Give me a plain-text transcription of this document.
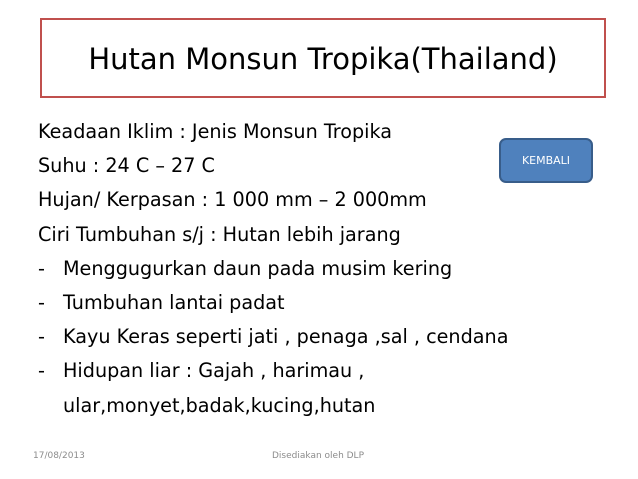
Hutan Monsun Tropika(Thailand)
Keadaan Iklim : Jenis Monsun Tropika
Suhu : 24 C – 27 C
Hujan/ Kerpasan : 1 000 mm – 2 000mm
Ciri Tumbuhan s/j : Hutan lebih jarang
- Menggugurkan daun pada musim kering
- Tumbuhan lantai padat
- Kayu Keras seperti jati , penaga ,sal , cendana
- Hidupan liar : Gajah , harimau , ular,monyet,badak,kucing,hutan
KEMBALI
17/08/2013	Disediakan oleh DLP
